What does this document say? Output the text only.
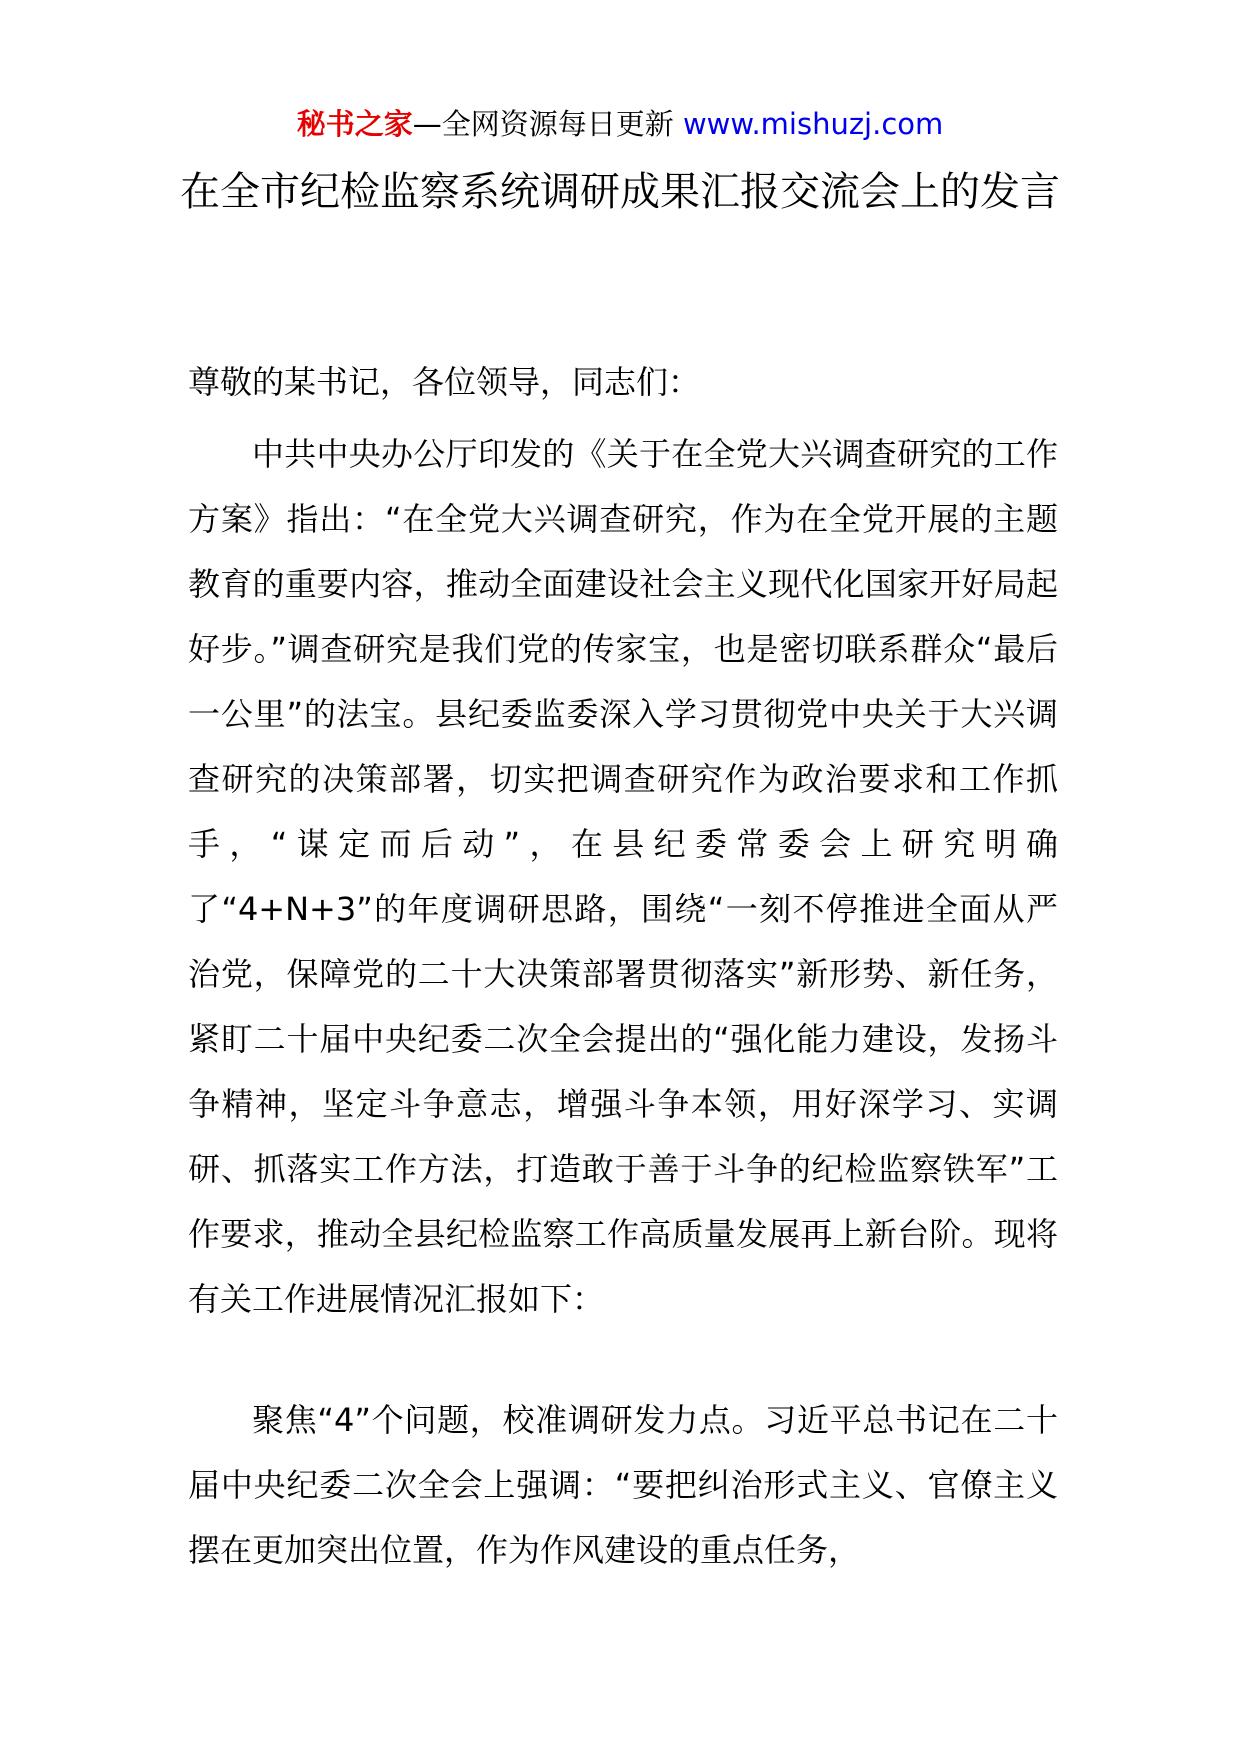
秘书之家—全网资源每日更新 www.mishuzj.com
在全市纪检监察系统调研成果汇报交流会上的发言
尊敬的某书记，各位领导，同志们：

中共中央办公厅印发的《关于在全党大兴调查研究的工作方案》指出：“在全党大兴调查研究，作为在全党开展的主题教育的重要内容，推动全面建设社会主义现代化国家开好局起好步。”调查研究是我们党的传家宝，也是密切联系群众“最后一公里”的法宝。县纪委监委深入学习贯彻党中央关于大兴调查研究的决策部署，切实把调查研究作为政治要求和工作抓手，“谋定而后动”，在县纪委常委会上研究明确了“4+N+3”的年度调研思路，围绕“一刻不停推进全面从严治党，保障党的二十大决策部署贯彻落实”新形势、新任务，紧盯二十届中央纪委二次全会提出的“强化能力建设，发扬斗争精神，坚定斗争意志，增强斗争本领，用好深学习、实调研、抓落实工作方法，打造敢于善于斗争的纪检监察铁军”工作要求，推动全县纪检监察工作高质量发展再上新台阶。现将有关工作进展情况汇报如下：

聚焦“4”个问题，校准调研发力点。习近平总书记在二十届中央纪委二次全会上强调：“要把纠治形式主义、官僚主义摆在更加突出位置，作为作风建设的重点任务，
